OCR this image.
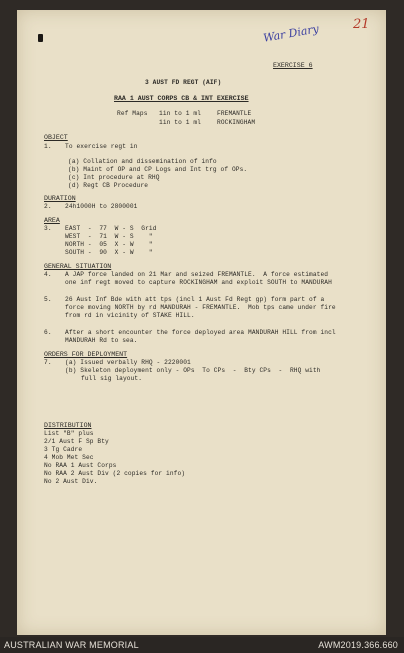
War Diary	21
EXERCISE 6
3 AUST FD REGT (AIF)
RAA 1 AUST CORPS CB & INT EXERCISE
Ref Maps 1in to 1 ml	FREMANTLE
1in to 1 ml	ROCKINGHAM
OBJECT
1. To exercise regt in
(a) Collation and dissemination of info
(b) Maint of OP and CP Logs and Int trg of OPs.
(c) Int procedure at RHQ
(d) Regt CB Procedure
DURATION
2. 24h1000H to 2800001
AREA
3. EAST  -  77  W - S  Grid
WEST  -  71  W - S    "
NORTH -  05  X - W    "
SOUTH -  90  X - W    "
GENERAL SITUATION
4. A JAP force landed on 21 Mar and seized FREMANTLE.  A force estimated
one inf regt moved to capture ROCKINGHAM and exploit SOUTH to MANDURAH
5. 26 Aust Inf Bde with att tps (incl 1 Aust Fd Regt gp) form part of a
force moving NORTH by rd MANDURAH - FREMANTLE.  Mob tps came under fire
from rd in vicinity of STAKE HILL.
6. After a short encounter the force deployed area MANDURAH HILL from incl
MANDURAH Rd to sea.
ORDERS FOR DEPLOYMENT
7. (a) Issued verbally RHQ - 2220001
(b) Skeleton deployment only - OPs  To CPs  -  Bty CPs  -  RHQ with
full sig layout.
DISTRIBUTION
List "B" plus
2/1 Aust F Sp Bty
3 Tg Cadre
4 Mob Met Sec
No RAA 1 Aust Corps
No RAA 2 Aust Div (2 copies for info)
No 2 Aust Div.
AUSTRALIAN WAR MEMORIAL	AWM2019.366.660
